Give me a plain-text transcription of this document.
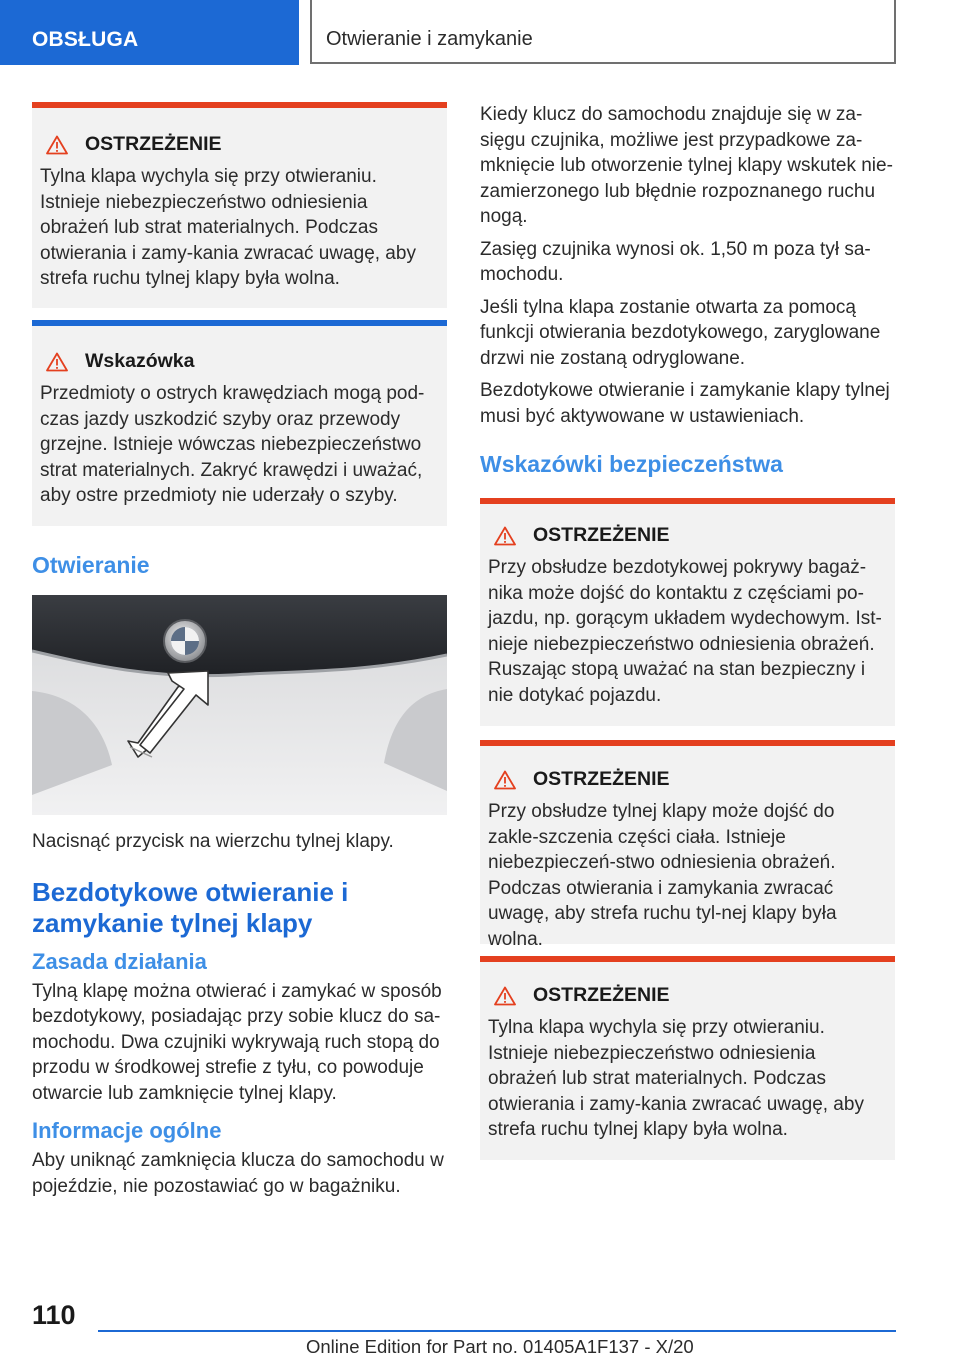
OBSŁUGA	Otwieranie i zamykanie
OSTRZEŻENIE
Tylna klapa wychyla się przy otwieraniu. Istnieje niebezpieczeństwo odniesienia obrażeń lub strat materialnych. Podczas otwierania i zamy-kania zwracać uwagę, aby strefa ruchu tylnej klapy była wolna.
Wskazówka
Przedmioty o ostrych krawędziach mogą pod-czas jazdy uszkodzić szyby oraz przewody grzejne. Istnieje wówczas niebezpieczeństwo strat materialnych. Zakryć krawędzi i uważać, aby ostre przedmioty nie uderzały o szyby.
Otwieranie

Nacisnąć przycisk na wierzchu tylnej klapy.

Bezdotykowe otwieranie i zamykanie tylnej klapy
Zasada działania

Tylną klapę można otwierać i zamykać w sposób bezdotykowy, posiadając przy sobie klucz do sa-mochodu. Dwa czujniki wykrywają ruch stopą do przodu w środkowej strefie z tyłu, co powoduje otwarcie lub zamknięcie tylnej klapy.

Informacje ogólne

Aby uniknąć zamknięcia klucza do samochodu w pojeździe, nie pozostawiać go w bagażniku.

Kiedy klucz do samochodu znajduje się w za-sięgu czujnika, możliwe jest przypadkowe za-mknięcie lub otworzenie tylnej klapy wskutek nie-zamierzonego lub błędnie rozpoznanego ruchu nogą.

Zasięg czujnika wynosi ok. 1,50 m poza tył sa-mochodu.

Jeśli tylna klapa zostanie otwarta za pomocą funkcji otwierania bezdotykowego, zaryglowane drzwi nie zostaną odryglowane.

Bezdotykowe otwieranie i zamykanie klapy tylnej musi być aktywowane w ustawieniach.

Wskazówki bezpieczeństwa
OSTRZEŻENIE
Przy obsłudze bezdotykowej pokrywy bagaż-nika może dojść do kontaktu z częściami po-jazdu, np. gorącym układem wydechowym. Ist-nieje niebezpieczeństwo odniesienia obrażeń. Ruszając stopą uważać na stan bezpieczny i nie dotykać pojazdu.
OSTRZEŻENIE
Przy obsłudze tylnej klapy może dojść do zakle-szczenia części ciała. Istnieje niebezpieczeń-stwo odniesienia obrażeń. Podczas otwierania i zamykania zwracać uwagę, aby strefa ruchu tyl-nej klapy była wolna.
OSTRZEŻENIE
Tylna klapa wychyla się przy otwieraniu. Istnieje niebezpieczeństwo odniesienia obrażeń lub strat materialnych. Podczas otwierania i zamy-kania zwracać uwagę, aby strefa ruchu tylnej klapy była wolna.
110
Online Edition for Part no. 01405A1F137 - X/20
